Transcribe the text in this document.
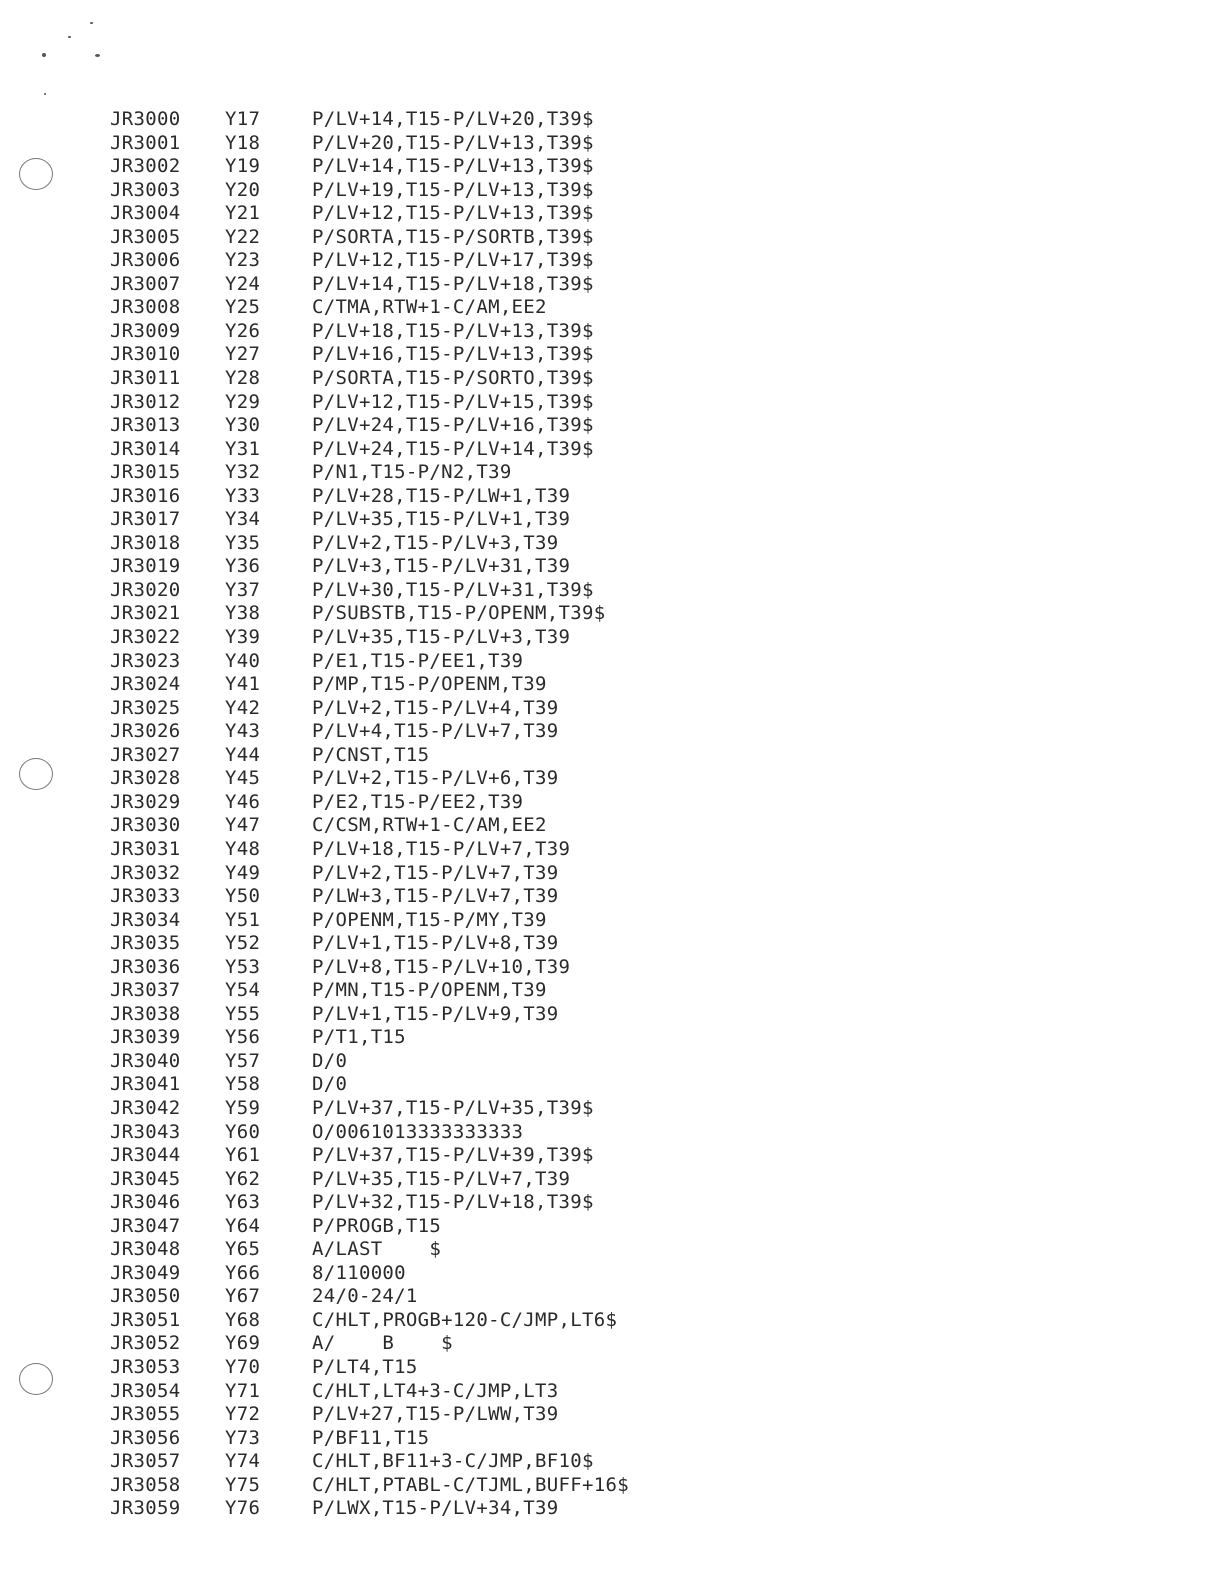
JR3000	Y17	P/LV+14,T15-P/LV+20,T39$
JR3001	Y18	P/LV+20,T15-P/LV+13,T39$
JR3002	Y19	P/LV+14,T15-P/LV+13,T39$
JR3003	Y20	P/LV+19,T15-P/LV+13,T39$
JR3004	Y21	P/LV+12,T15-P/LV+13,T39$
JR3005	Y22	P/SORTA,T15-P/SORTB,T39$
JR3006	Y23	P/LV+12,T15-P/LV+17,T39$
JR3007	Y24	P/LV+14,T15-P/LV+18,T39$
JR3008	Y25	C/TMA,RTW+1-C/AM,EE2
JR3009	Y26	P/LV+18,T15-P/LV+13,T39$
JR3010	Y27	P/LV+16,T15-P/LV+13,T39$
JR3011	Y28	P/SORTA,T15-P/SORTO,T39$
JR3012	Y29	P/LV+12,T15-P/LV+15,T39$
JR3013	Y30	P/LV+24,T15-P/LV+16,T39$
JR3014	Y31	P/LV+24,T15-P/LV+14,T39$
JR3015	Y32	P/N1,T15-P/N2,T39
JR3016	Y33	P/LV+28,T15-P/LW+1,T39
JR3017	Y34	P/LV+35,T15-P/LV+1,T39
JR3018	Y35	P/LV+2,T15-P/LV+3,T39
JR3019	Y36	P/LV+3,T15-P/LV+31,T39
JR3020	Y37	P/LV+30,T15-P/LV+31,T39$
JR3021	Y38	P/SUBSTB,T15-P/OPENM,T39$
JR3022	Y39	P/LV+35,T15-P/LV+3,T39
JR3023	Y40	P/E1,T15-P/EE1,T39
JR3024	Y41	P/MP,T15-P/OPENM,T39
JR3025	Y42	P/LV+2,T15-P/LV+4,T39
JR3026	Y43	P/LV+4,T15-P/LV+7,T39
JR3027	Y44	P/CNST,T15
JR3028	Y45	P/LV+2,T15-P/LV+6,T39
JR3029	Y46	P/E2,T15-P/EE2,T39
JR3030	Y47	C/CSM,RTW+1-C/AM,EE2
JR3031	Y48	P/LV+18,T15-P/LV+7,T39
JR3032	Y49	P/LV+2,T15-P/LV+7,T39
JR3033	Y50	P/LW+3,T15-P/LV+7,T39
JR3034	Y51	P/OPENM,T15-P/MY,T39
JR3035	Y52	P/LV+1,T15-P/LV+8,T39
JR3036	Y53	P/LV+8,T15-P/LV+10,T39
JR3037	Y54	P/MN,T15-P/OPENM,T39
JR3038	Y55	P/LV+1,T15-P/LV+9,T39
JR3039	Y56	P/T1,T15
JR3040	Y57	D/0
JR3041	Y58	D/0
JR3042	Y59	P/LV+37,T15-P/LV+35,T39$
JR3043	Y60	O/0061013333333333
JR3044	Y61	P/LV+37,T15-P/LV+39,T39$
JR3045	Y62	P/LV+35,T15-P/LV+7,T39
JR3046	Y63	P/LV+32,T15-P/LV+18,T39$
JR3047	Y64	P/PROGB,T15
JR3048	Y65	A/LAST    $
JR3049	Y66	8/110000
JR3050	Y67	24/0-24/1
JR3051	Y68	C/HLT,PROGB+120-C/JMP,LT6$
JR3052	Y69	A/    B    $
JR3053	Y70	P/LT4,T15
JR3054	Y71	C/HLT,LT4+3-C/JMP,LT3
JR3055	Y72	P/LV+27,T15-P/LWW,T39
JR3056	Y73	P/BF11,T15
JR3057	Y74	C/HLT,BF11+3-C/JMP,BF10$
JR3058	Y75	C/HLT,PTABL-C/TJML,BUFF+16$
JR3059	Y76	P/LWX,T15-P/LV+34,T39
